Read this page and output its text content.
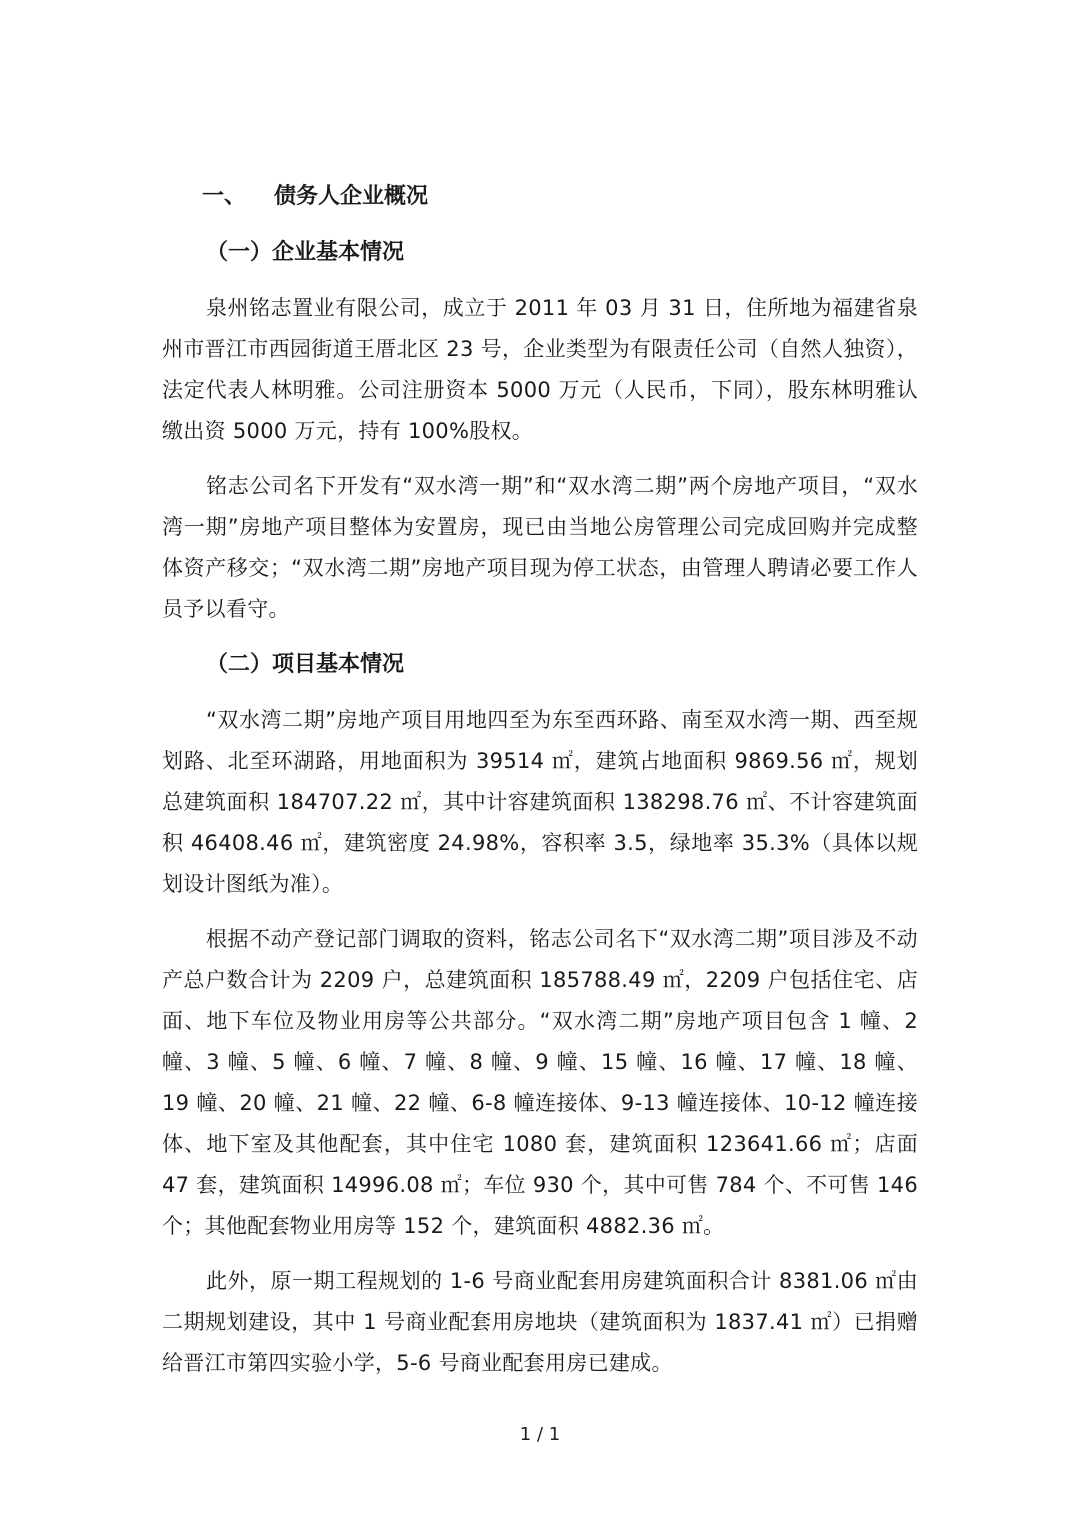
一、 债务人企业概况
（一）企业基本情况

泉州铭志置业有限公司，成立于 2011 年 03 月 31 日，住所地为福建省泉州市晋江市西园街道王厝北区 23 号，企业类型为有限责任公司（自然人独资），法定代表人林明雅。公司注册资本 5000 万元（人民币，下同），股东林明雅认缴出资 5000 万元，持有 100%股权。

铭志公司名下开发有“双水湾一期”和“双水湾二期”两个房地产项目，“双水湾一期”房地产项目整体为安置房，现已由当地公房管理公司完成回购并完成整体资产移交；“双水湾二期”房地产项目现为停工状态，由管理人聘请必要工作人员予以看守。

（二）项目基本情况

“双水湾二期”房地产项目用地四至为东至西环路、南至双水湾一期、西至规划路、北至环湖路，用地面积为 39514 ㎡，建筑占地面积 9869.56 ㎡，规划总建筑面积 184707.22 ㎡，其中计容建筑面积 138298.76 ㎡、不计容建筑面积 46408.46 ㎡，建筑密度 24.98%，容积率 3.5，绿地率 35.3%（具体以规划设计图纸为准）。

根据不动产登记部门调取的资料，铭志公司名下“双水湾二期”项目涉及不动产总户数合计为 2209 户，总建筑面积 185788.49 ㎡，2209 户包括住宅、店面、地下车位及物业用房等公共部分。“双水湾二期”房地产项目包含 1 幢、2 幢、3 幢、5 幢、6 幢、7 幢、8 幢、9 幢、15 幢、16 幢、17 幢、18 幢、19 幢、20 幢、21 幢、22 幢、6-8 幢连接体、9-13 幢连接体、10-12 幢连接体、地下室及其他配套，其中住宅 1080 套，建筑面积 123641.66 ㎡；店面 47 套，建筑面积 14996.08 ㎡；车位 930 个，其中可售 784 个、不可售 146 个；其他配套物业用房等 152 个，建筑面积 4882.36 ㎡。

此外，原一期工程规划的 1-6 号商业配套用房建筑面积合计 8381.06 ㎡由二期规划建设，其中 1 号商业配套用房地块（建筑面积为 1837.41 ㎡）已捐赠给晋江市第四实验小学，5-6 号商业配套用房已建成。

1 / 1
